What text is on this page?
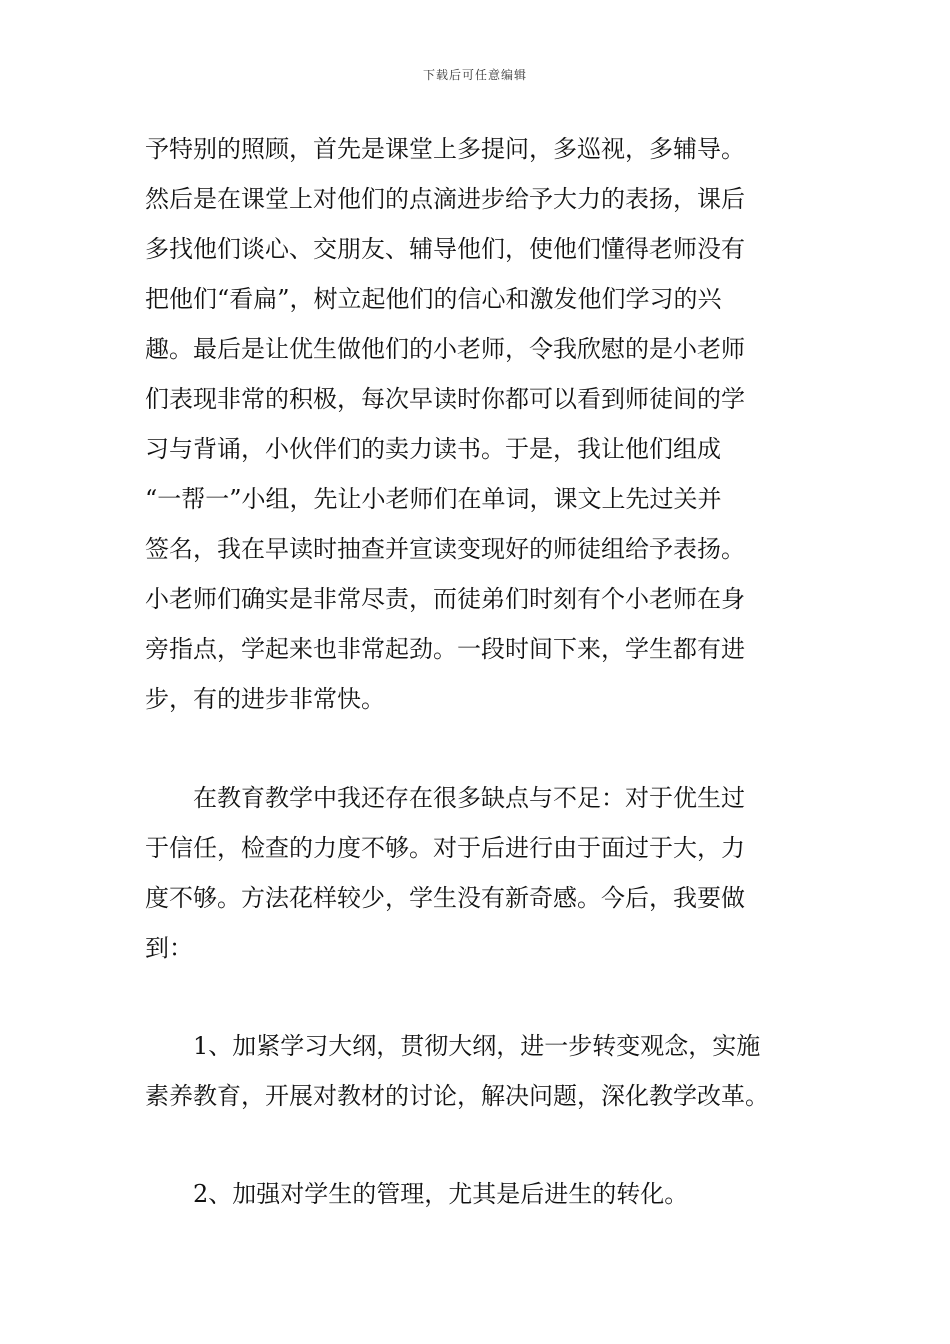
下载后可任意编辑
予特别的照顾，首先是课堂上多提问，多巡视，多辅导。
然后是在课堂上对他们的点滴进步给予大力的表扬，课后
多找他们谈心、交朋友、辅导他们，使他们懂得老师没有
把他们“看扁”，树立起他们的信心和激发他们学习的兴
趣。最后是让优生做他们的小老师，令我欣慰的是小老师
们表现非常的积极，每次早读时你都可以看到师徒间的学
习与背诵，小伙伴们的卖力读书。于是，我让他们组成
“一帮一”小组，先让小老师们在单词，课文上先过关并
签名，我在早读时抽查并宣读变现好的师徒组给予表扬。
小老师们确实是非常尽责，而徒弟们时刻有个小老师在身
旁指点，学起来也非常起劲。一段时间下来，学生都有进
步，有的进步非常快。
在教育教学中我还存在很多缺点与不足：对于优生过
于信任，检查的力度不够。对于后进行由于面过于大，力
度不够。方法花样较少，学生没有新奇感。今后，我要做
到：
1、加紧学习大纲，贯彻大纲，进一步转变观念，实施
素养教育，开展对教材的讨论，解决问题，深化教学改革。
2、加强对学生的管理，尤其是后进生的转化。
